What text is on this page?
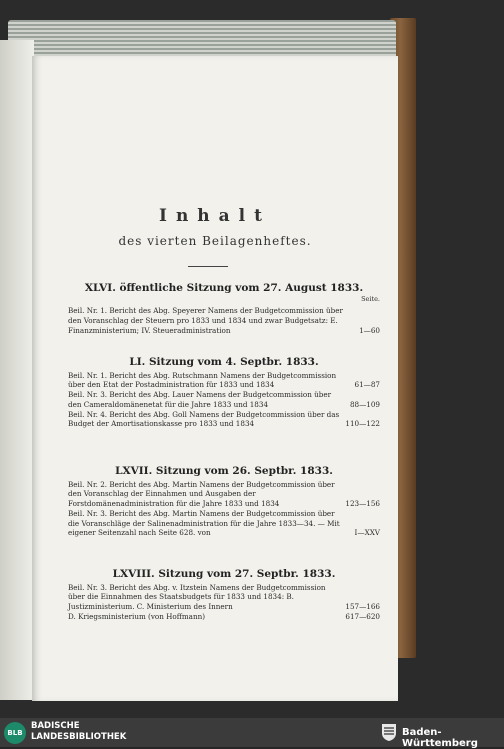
Inhalt
des vierten Beilagenheftes.
XLVI. öffentliche Sitzung vom 27. August 1833.
Seite.
Beil. Nr. 1. Bericht des Abg. Speyerer Namens der Budgetcommission über den Voranschlag der Steuern pro 1833 und 1834 und zwar Budgetsatz: E. Finanzministerium; IV. Steueradministration	1—60
LI. Sitzung vom 4. Septbr. 1833.
Beil. Nr. 1. Bericht des Abg. Rutschmann Namens der Budgetcommission über den Etat der Postadministration für 1833 und 1834	61—87
Beil. Nr. 3. Bericht des Abg. Lauer Namens der Budgetcommission über den Cameraldomänenetat für die Jahre 1833 und 1834	88—109
Beil. Nr. 4. Bericht des Abg. Goll Namens der Budgetcommission über das Budget der Amortisationskasse pro 1833 und 1834	110—122
LXVII. Sitzung vom 26. Septbr. 1833.
Beil. Nr. 2. Bericht des Abg. Martin Namens der Budgetcommission über den Voranschlag der Einnahmen und Ausgaben der Forstdomänenadministration für die Jahre 1833 und 1834	123—156
Beil. Nr. 3. Bericht des Abg. Martin Namens der Budgetcommission über die Voranschläge der Salinenadministration für die Jahre 1833—34. — Mit eigener Seitenzahl nach Seite 628. von	I—XXV
LXVIII. Sitzung vom 27. Septbr. 1833.
Beil. Nr. 3. Bericht des Abg. v. Itzstein Namens der Budgetcommission über die Einnahmen des Staatsbudgets für 1833 und 1834: B. Justizministerium. C. Ministerium des Innern	157—166
D. Kriegsministerium (von Hoffmann)	617—620
BLB
BADISCHE
LANDESBIBLIOTHEK	Baden-Württemberg
